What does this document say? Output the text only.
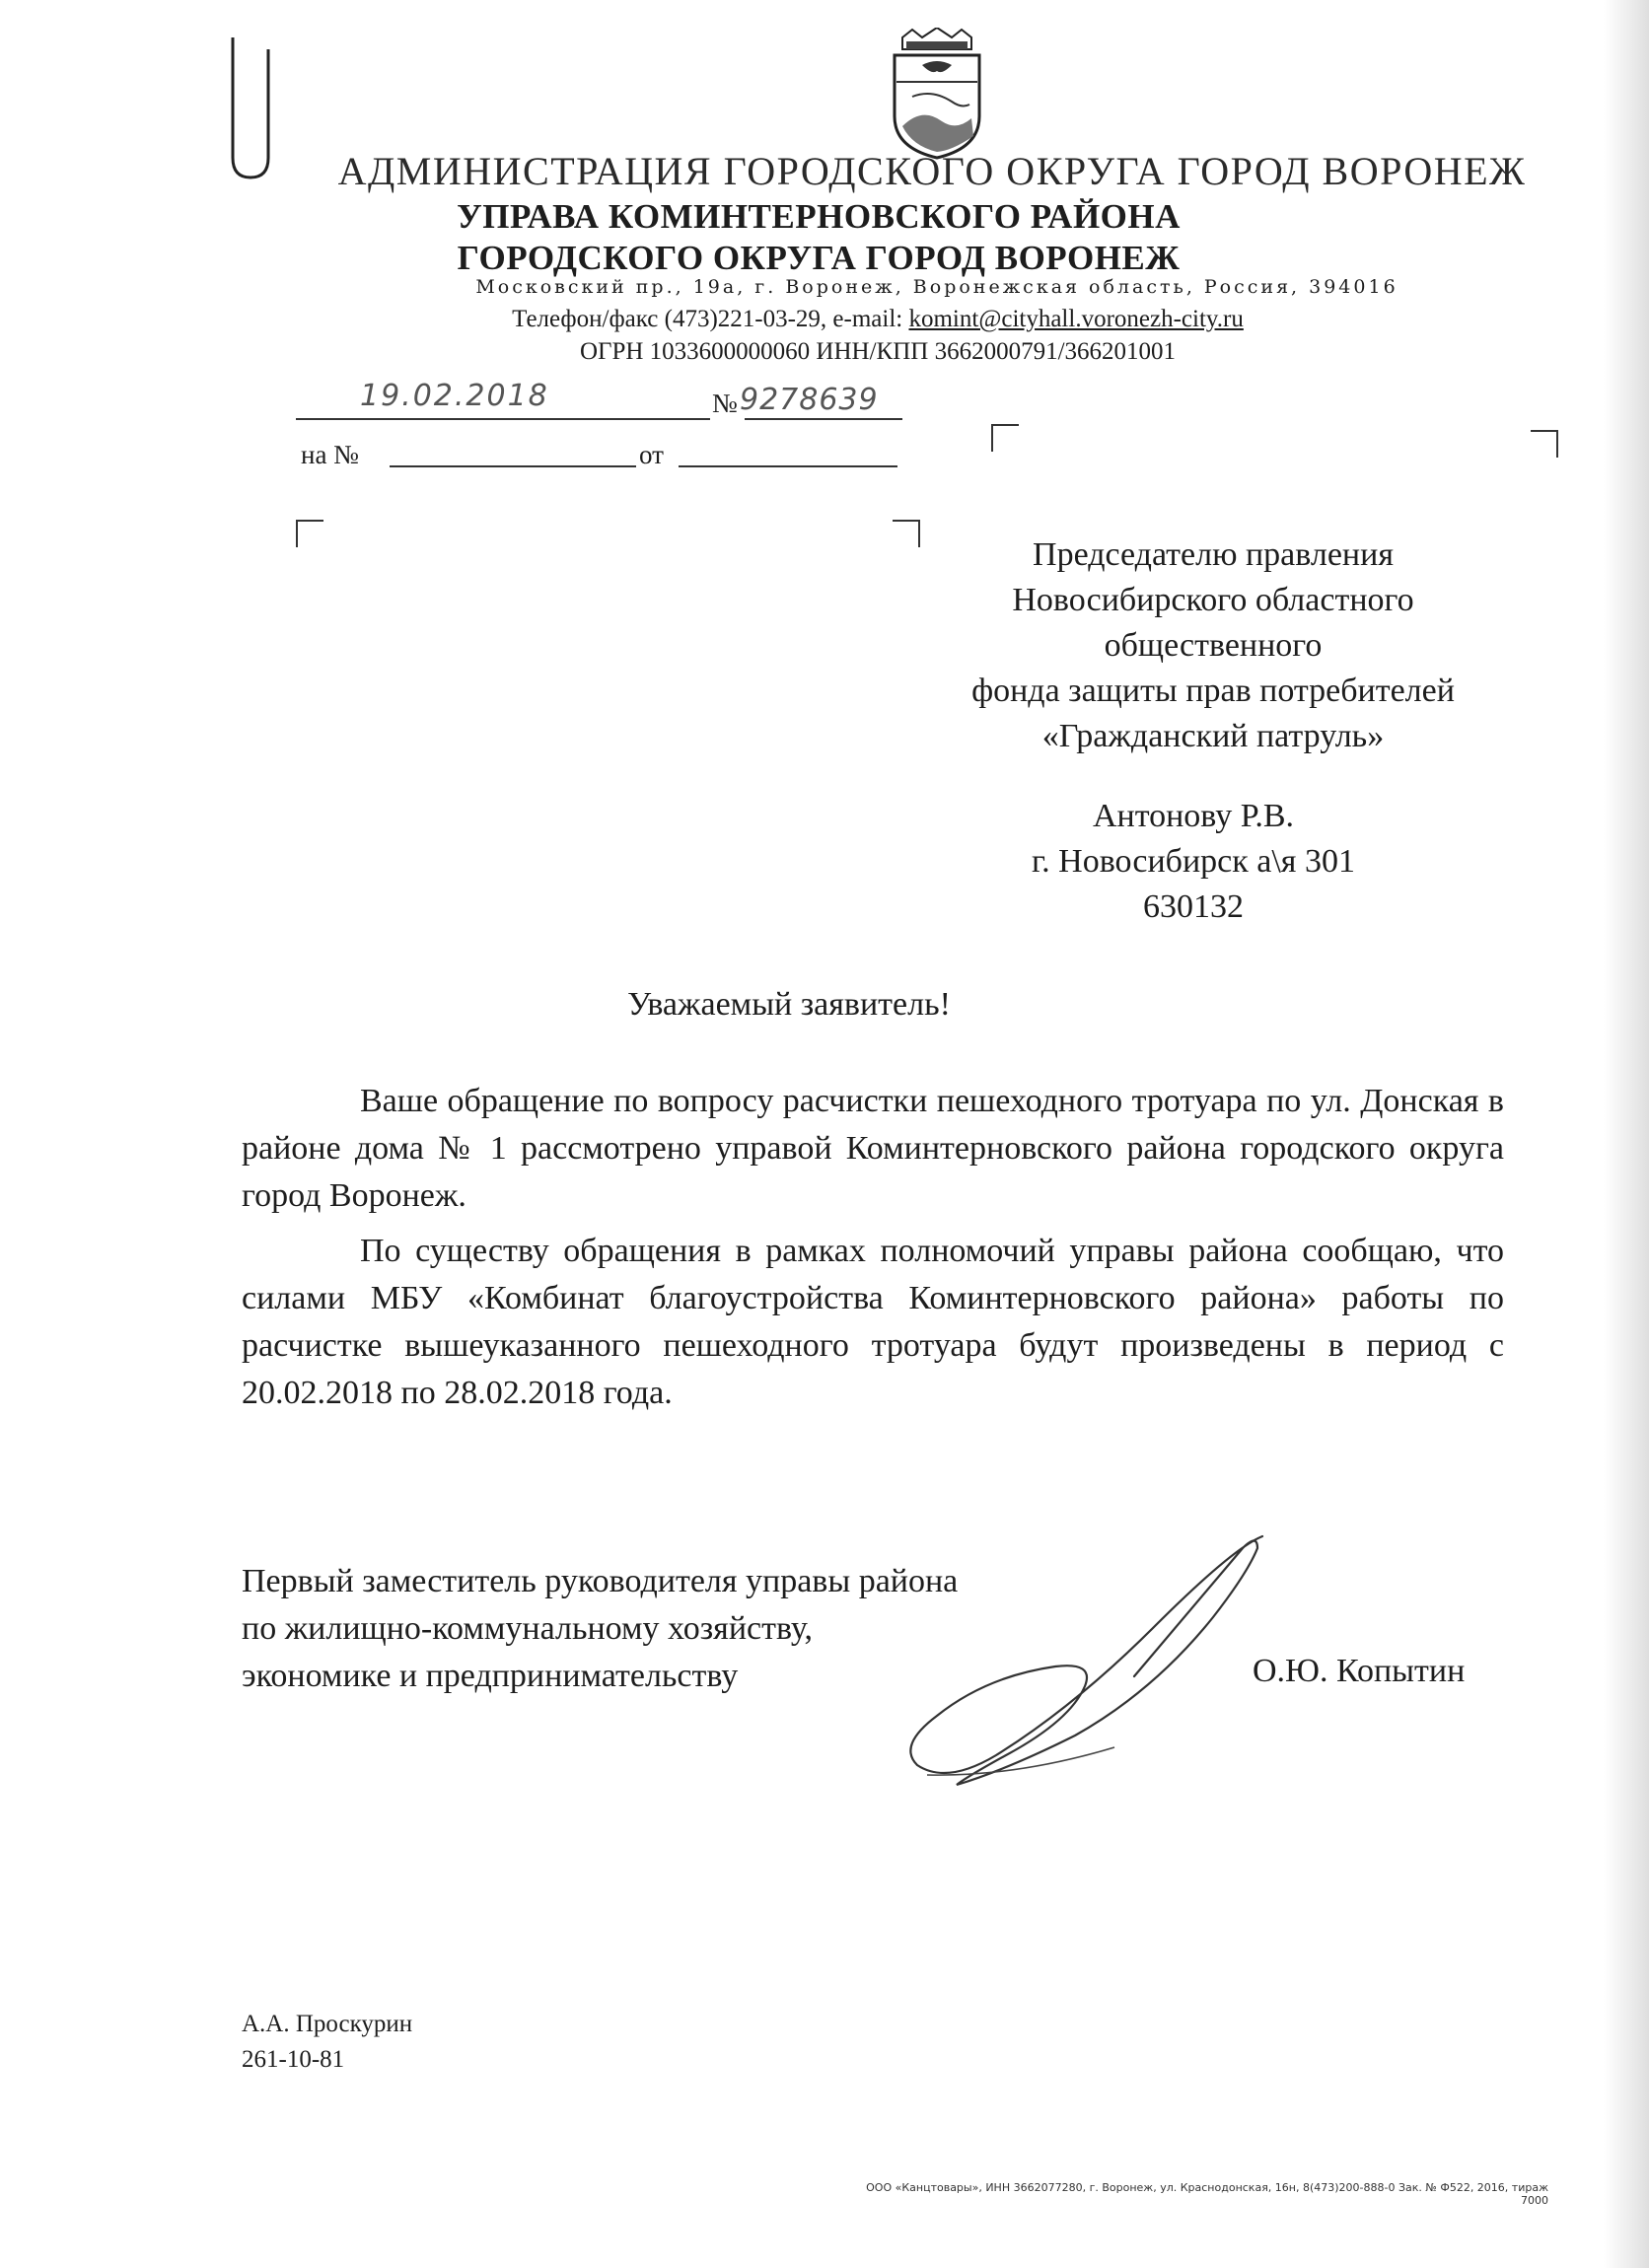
АДМИНИСТРАЦИЯ ГОРОДСКОГО ОКРУГА ГОРОД ВОРОНЕЖ
УПРАВА КОМИНТЕРНОВСКОГО РАЙОНА
ГОРОДСКОГО ОКРУГА ГОРОД ВОРОНЕЖ
Московский пр., 19а, г. Воронеж, Воронежская область, Россия, 394016
Телефон/факс (473)221-03-29, e-mail: komint@cityhall.voronezh-city.ru
ОГРН 1033600000060 ИНН/КПП 3662000791/366201001
19.02.2018	№ 9278639
на №	от
Председателю правления
Новосибирского областного
общественного
фонда защиты прав потребителей
«Гражданский патруль»
Антонову Р.В.
г. Новосибирск а\я 301
630132
Уважаемый заявитель!

Ваше обращение по вопросу расчистки пешеходного тротуара по ул. Донская в районе дома № 1 рассмотрено управой Коминтерновского района городского округа город Воронеж.

По существу обращения в рамках полномочий управы района сообщаю, что силами МБУ «Комбинат благоустройства Коминтерновского района» работы по расчистке вышеуказанного пешеходного тротуара будут произведены в период с 20.02.2018 по 28.02.2018 года.

Первый заместитель руководителя управы района
по жилищно-коммунальному хозяйству,
экономике и предпринимательству	О.Ю. Копытин
А.А. Проскурин
261-10-81
ООО «Канцтовары», ИНН 3662077280, г. Воронеж, ул. Краснодонская, 16н, 8(473)200-888-0 Зак. № Ф522, 2016, тираж 7000
